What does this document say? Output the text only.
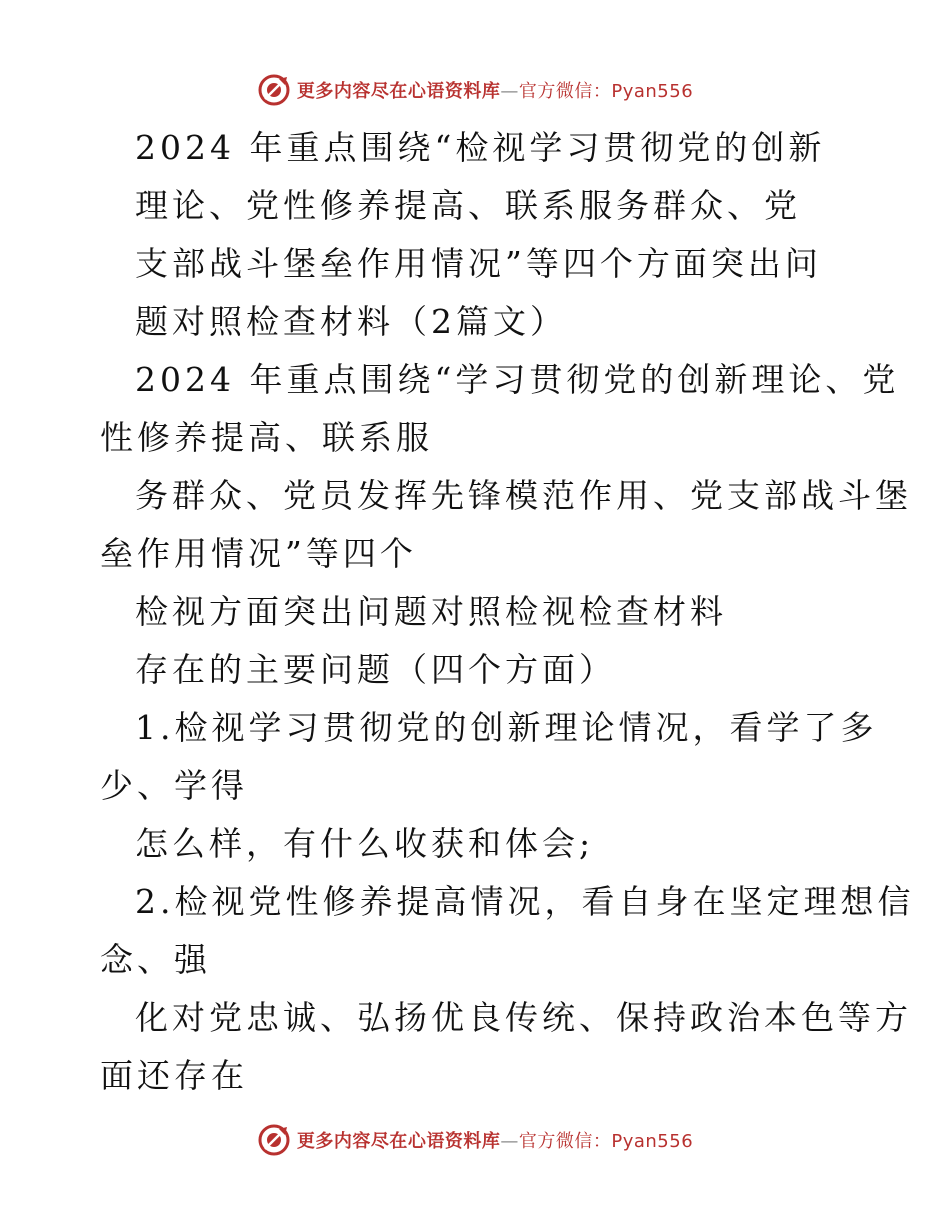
更多内容尽在心语资料库—官方微信：Pyan556
2024 年重点围绕“检视学习贯彻党的创新
理论、党性修养提高、联系服务群众、党
支部战斗堡垒作用情况”等四个方面突出问
题对照检查材料（2篇文）
2024 年重点围绕“学习贯彻党的创新理论、党
性修养提高、联系服
务群众、党员发挥先锋模范作用、党支部战斗堡
垒作用情况”等四个
检视方面突出问题对照检视检查材料
存在的主要问题（四个方面）
1.检视学习贯彻党的创新理论情况，看学了多
少、学得
怎么样，有什么收获和体会;
2.检视党性修养提高情况，看自身在坚定理想信
念、强
化对党忠诚、弘扬优良传统、保持政治本色等方
面还存在
更多内容尽在心语资料库—官方微信：Pyan556
